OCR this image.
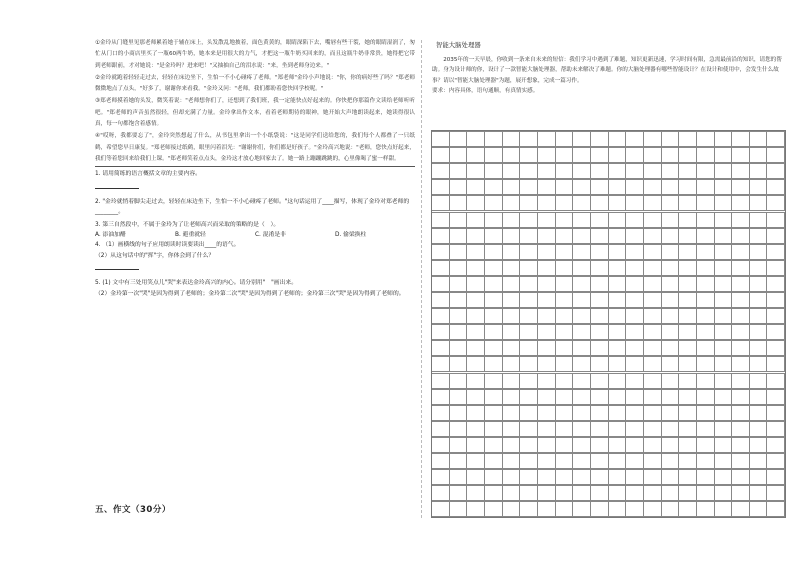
①金玲从门缝里见那老师累着她于辅在床上，头发散乱地披着，面色黄黄的，眼睛深陷下去，嘴唇有些干裂，她的眼睛湿润了，匆忙从门口的小商店里买了一瓶60两牛奶，她本来是用很大的力气，才把这一瓶牛奶买回来的，而且这瓶牛奶非常贵，她得把它带到老师跟前，才对她说："是金玲吗？进来吧！"又抽抽自己的泪水说："来，坐到老师身边来。"

②金玲就跑着轻轻走过去，轻轻在床边坐下，生怕一不小心碰疼了老师。"郑老师"金玲小声地说："你，你的病好些了吗？"郑老师微微地点了点头，"好多了，谢谢你来看我。"金玲又问："老师，我们都盼着您快回学校呢。"

③郑老师摸着她的头发，微笑着说："老师想你们了，还想到了我们班，我一定能快点好起来的。你快把你那篇作文读给老师听听吧。"郑老师的声音虽然很轻，但却充满了力量。金玲拿出作文本，看着老师期待的眼神，她开始大声地朗读起来，她读得很认真，每一句都饱含着感情。

④"哎呀，我都要忘了"，金玲突然想起了什么，从书包里拿出一个小纸袋说："这是同学们送给您的，我们每个人都叠了一只纸鹤，希望您早日康复。"郑老师接过纸鹤，眼里闪着泪光："谢谢你们，你们都是好孩子。"金玲高兴地说："老师，您快点好起来，我们等着您回来给我们上课。"郑老师笑着点点头，金玲这才放心地回家去了。她一路上蹦蹦跳跳的，心里像喝了蜜一样甜。

1. 请用简练的语言概括文章的主要内容。

2. "金玲就悄着脚尖走过去，轻轻在床边坐下，生怕一不小心碰疼了老师。"这句话运用了____描写，体现了金玲对郑老师的________。

3. 第三自然段中，不属于金玲为了让老师高兴而采取的策略的是（　）。

A. 添油加醋	B. 避重就轻	C. 混淆是非	D. 偷梁换柱

4. （1）画横线的句子应用朗读时读要读出____的语气。

（2）从这句话中的"挥"字，你体会到了什么？

5. (1) 文中有三处用笑点儿"哭"来表达金玲高兴的内心。请分别用"　"画出来。

（2）金玲第一次"哭"是因为得到了老师的；金玲第二次"哭"是因为得到了老师的；金玲第三次"哭"是因为得到了老师的。

五、作文（30分）
智能大脑处理器

2035年的一天早晨，你收到一条来自未来的短信：我们学习中遇到了难题，知识更新迅速，学习时间有限，急需最前沿的知识，请您的帮助。身为设计师的你，设计了一款智能大脑处理器，帮助未来解决了难题。你的大脑处理器有哪些智能设计？在设计和使用中，会发生什么故事？请以"智能大脑处理器"为题，展开想象，完成一篇习作。

要求：内容具体，语句通顺，有真情实感。
